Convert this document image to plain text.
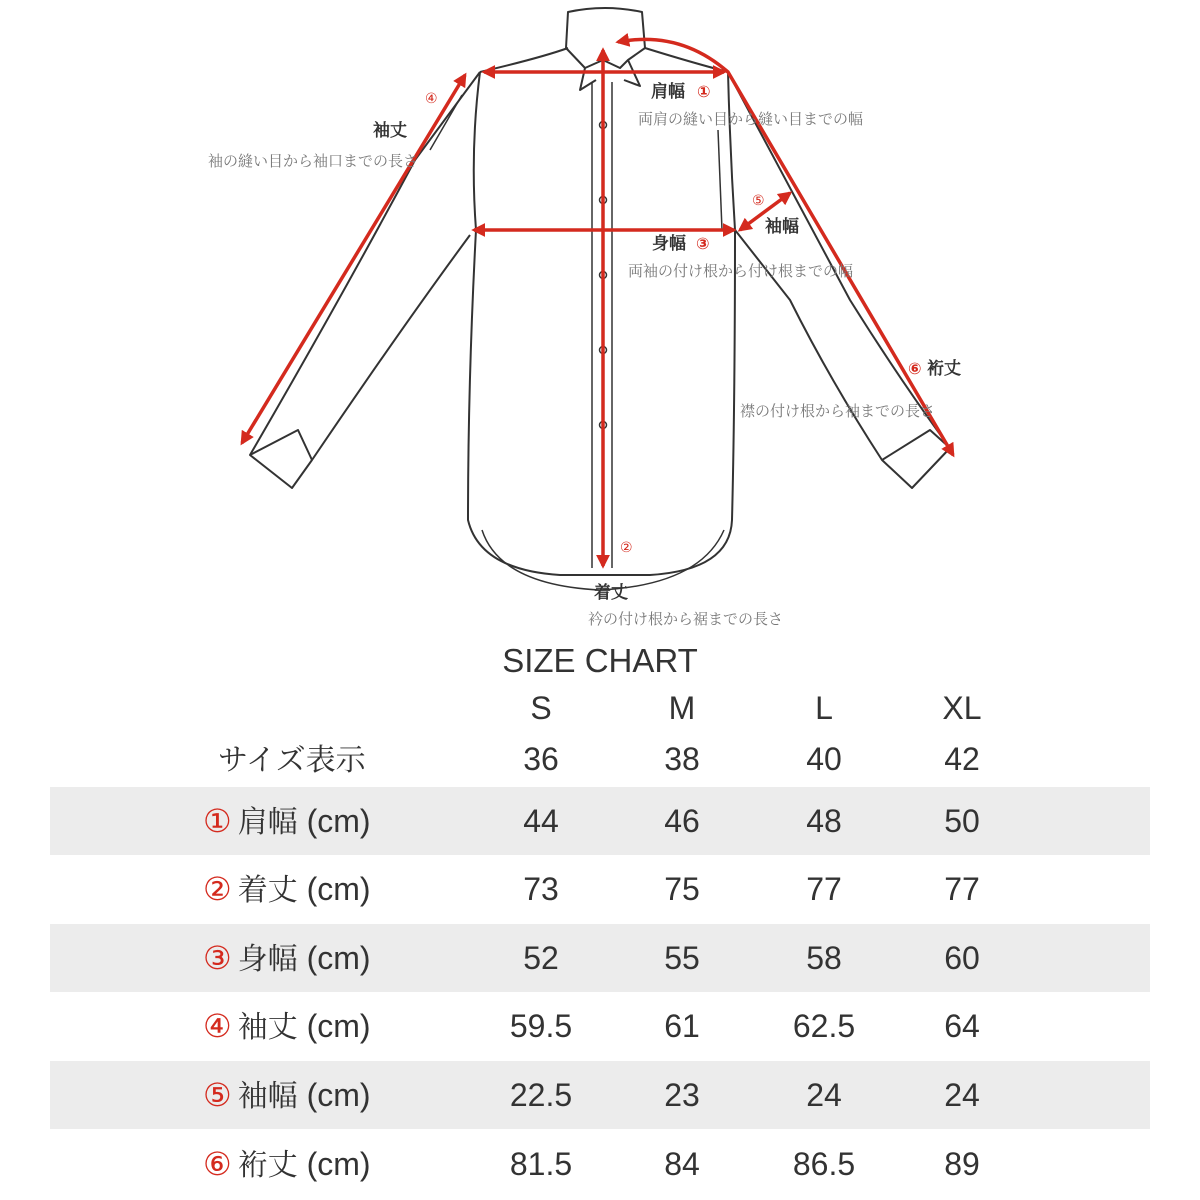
肩幅 ①
両肩の縫い目から縫い目までの幅
袖丈
④
袖の縫い目から袖口までの長さ
⑤
袖幅
身幅 ③
両袖の付け根から付け根までの幅
⑥ 裄丈
襟の付け根から袖までの長さ
②
着丈
衿の付け根から裾までの長さ
SIZE CHART
S	M	L	XL
サイズ表示	36	38	40	42
① 肩幅 (cm)	44	46	48	50
② 着丈 (cm)	73	75	77	77
③ 身幅 (cm)	52	55	58	60
④ 袖丈 (cm)	59.5	61	62.5	64
⑤ 袖幅 (cm)	22.5	23	24	24
⑥ 裄丈 (cm)	81.5	84	86.5	89
